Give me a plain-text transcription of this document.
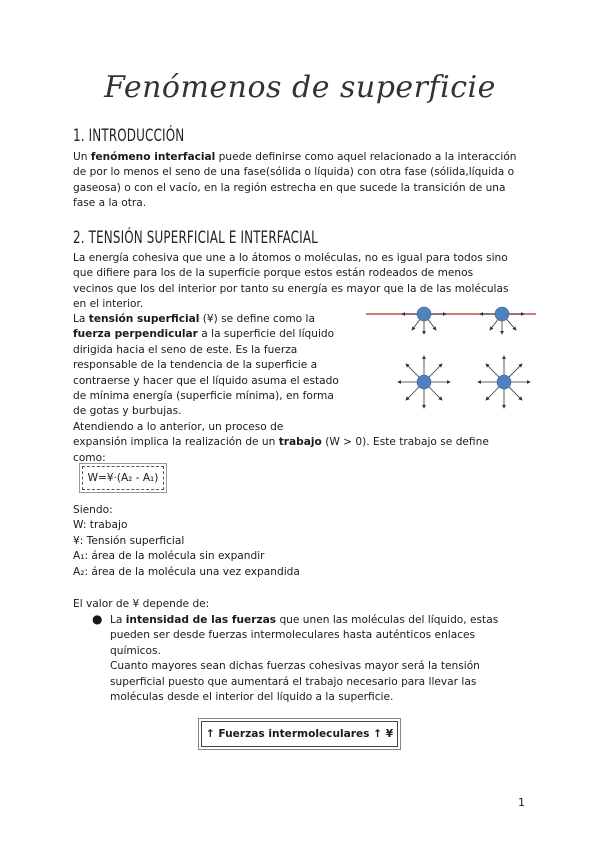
Fenómenos de superficie
1. INTRODUCCIÓN
Un fenómeno interfacial puede definirse como aquel relacionado a la interacción
de por lo menos el seno de una fase(sólida o líquida) con otra fase (sólida,líquida o
gaseosa) o con el vacío, en la región estrecha en que sucede la transición de una
fase a la otra.
2. TENSIÓN SUPERFICIAL E INTERFACIAL
La energía cohesiva que une a lo átomos o moléculas, no es igual para todos sino
que difiere para los de la superficie porque estos están rodeados de menos
vecinos que los del interior por tanto su energía es mayor que la de las moléculas
en el interior.
La tensión superficial (¥) se define como la
fuerza perpendicular a la superficie del líquido
dirigida hacia el seno de este. Es la fuerza
responsable de la tendencia de la superficie a
contraerse y hacer que el líquido asuma el estado
de mínima energía (superficie mínima), en forma
de gotas y burbujas.
Atendiendo a lo anterior, un proceso de
expansión implica la realización de un trabajo (W > 0). Este trabajo se define
como:
W=¥·(A₂ - A₁)
Siendo:
W: trabajo
¥: Tensión superficial
A₁: área de la molécula sin expandir
A₂: área de la molécula una vez expandida
El valor de ¥ depende de:
● La intensidad de las fuerzas que unen las moléculas del líquido, estas
pueden ser desde fuerzas intermoleculares hasta auténticos enlaces
químicos.
Cuanto mayores sean dichas fuerzas cohesivas mayor será la tensión
superficial puesto que aumentará el trabajo necesario para llevar las
moléculas desde el interior del líquido a la superficie.
↑ Fuerzas intermoleculares ↑ ¥
1
